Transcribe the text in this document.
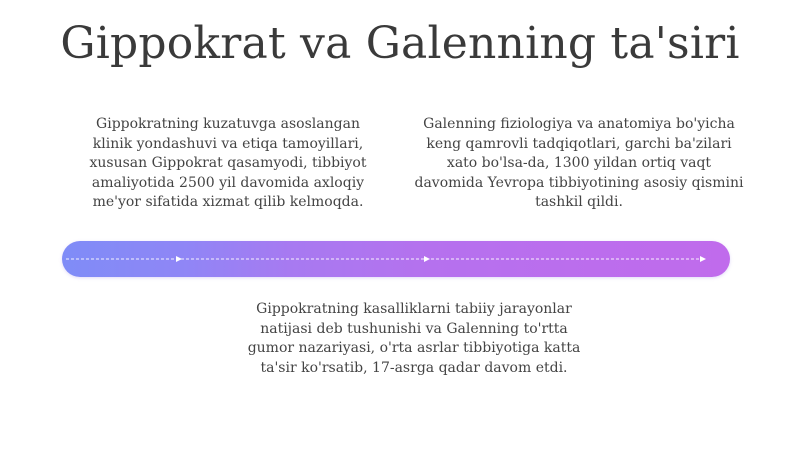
Gippokrat va Galenning ta'siri

Gippokratning kuzatuvga asoslangan klinik yondashuvi va etiqa tamoyillari, xususan Gippokrat qasamyodi, tibbiyot amaliyotida 2500 yil davomida axloqiy me'yor sifatida xizmat qilib kelmoqda.

Galenning fiziologiya va anatomiya bo'yicha keng qamrovli tadqiqotlari, garchi ba'zilari xato bo'lsa-da, 1300 yildan ortiq vaqt davomida Yevropa tibbiyotining asosiy qismini tashkil qildi.

Gippokratning kasalliklarni tabiiy jarayonlar natijasi deb tushunishi va Galenning to'rtta gumor nazariyasi, o'rta asrlar tibbiyotiga katta ta'sir ko'rsatib, 17-asrga qadar davom etdi.
